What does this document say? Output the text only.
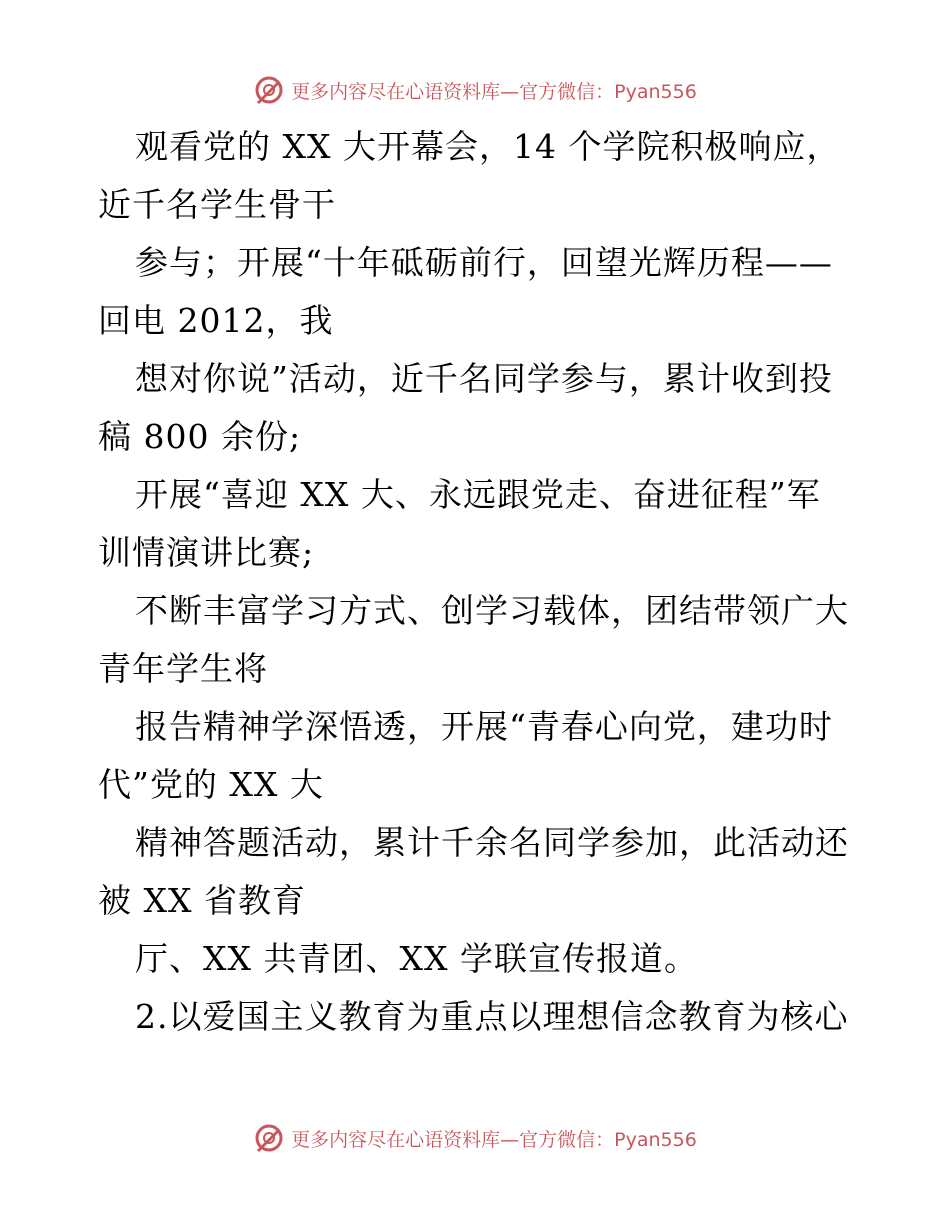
更多内容尽在心语资料库—官方微信：Pyan556
观看党的 XX 大开幕会，14 个学院积极响应，
近千名学生骨干
参与；开展“十年砥砺前行，回望光辉历程——
回电 2012，我
想对你说”活动，近千名同学参与，累计收到投
稿 800 余份;
开展“喜迎 XX 大、永远跟党走、奋进征程”军
训情演讲比赛;
不断丰富学习方式、创学习载体，团结带领广大
青年学生将
报告精神学深悟透，开展“青春心向党，建功时
代”党的 XX 大
精神答题活动，累计千余名同学参加，此活动还
被 XX 省教育
厅、XX 共青团、XX 学联宣传报道。
2.以爱国主义教育为重点以理想信念教育为核心
更多内容尽在心语资料库—官方微信：Pyan556
